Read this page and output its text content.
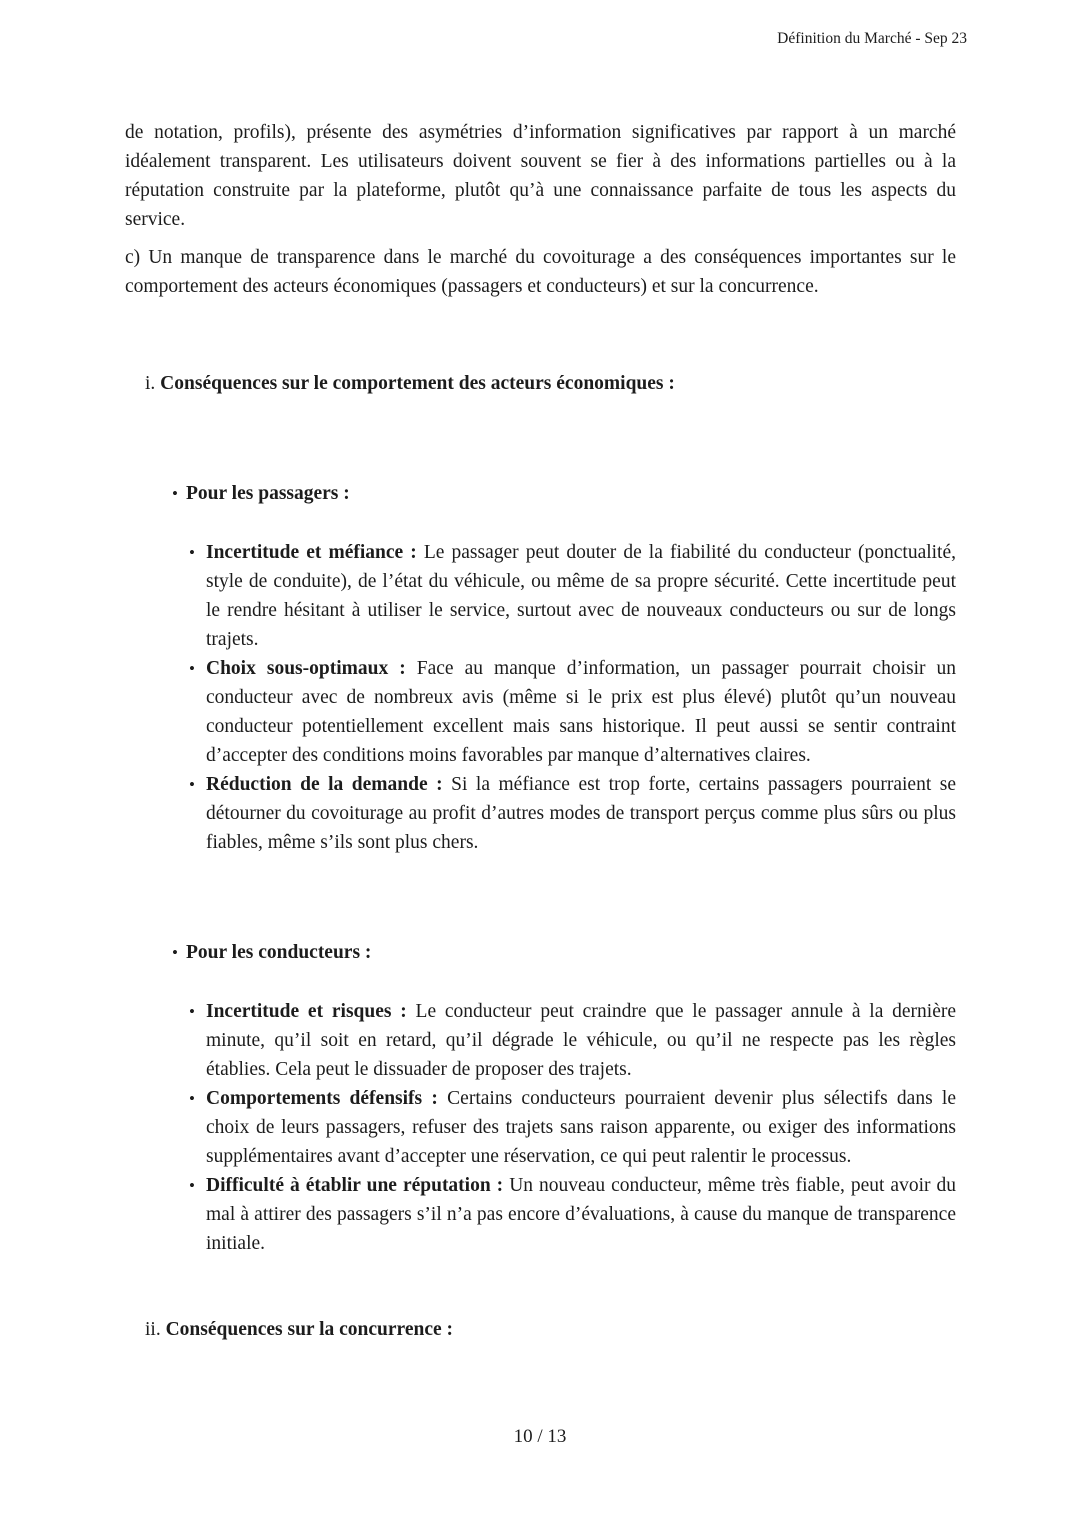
Définition du Marché - Sep 23

de notation, profils), présente des asymétries d’information significatives par rapport à un marché idéalement transparent. Les utilisateurs doivent souvent se fier à des informations partielles ou à la réputation construite par la plateforme, plutôt qu’à une connaissance parfaite de tous les aspects du service.

c) Un manque de transparence dans le marché du covoiturage a des conséquences importantes sur le comportement des acteurs économiques (passagers et conducteurs) et sur la concurrence.

i. Conséquences sur le comportement des acteurs économiques :
• Pour les passagers :
• Incertitude et méfiance : Le passager peut douter de la fiabilité du conducteur (ponctualité, style de conduite), de l’état du véhicule, ou même de sa propre sécurité. Cette incertitude peut le rendre hésitant à utiliser le service, surtout avec de nouveaux conducteurs ou sur de longs trajets.
• Choix sous-optimaux : Face au manque d’information, un passager pourrait choisir un conducteur avec de nombreux avis (même si le prix est plus élevé) plutôt qu’un nouveau conducteur potentiellement excellent mais sans historique. Il peut aussi se sentir contraint d’accepter des conditions moins favorables par manque d’alternatives claires.
• Réduction de la demande : Si la méfiance est trop forte, certains passagers pourraient se détourner du covoiturage au profit d’autres modes de transport perçus comme plus sûrs ou plus fiables, même s’ils sont plus chers.
• Pour les conducteurs :
• Incertitude et risques : Le conducteur peut craindre que le passager annule à la dernière minute, qu’il soit en retard, qu’il dégrade le véhicule, ou qu’il ne respecte pas les règles établies. Cela peut le dissuader de proposer des trajets.
• Comportements défensifs : Certains conducteurs pourraient devenir plus sélectifs dans le choix de leurs passagers, refuser des trajets sans raison apparente, ou exiger des informations supplémentaires avant d’accepter une réservation, ce qui peut ralentir le processus.
• Difficulté à établir une réputation : Un nouveau conducteur, même très fiable, peut avoir du mal à attirer des passagers s’il n’a pas encore d’évaluations, à cause du manque de transparence initiale.
ii. Conséquences sur la concurrence :
10 / 13
